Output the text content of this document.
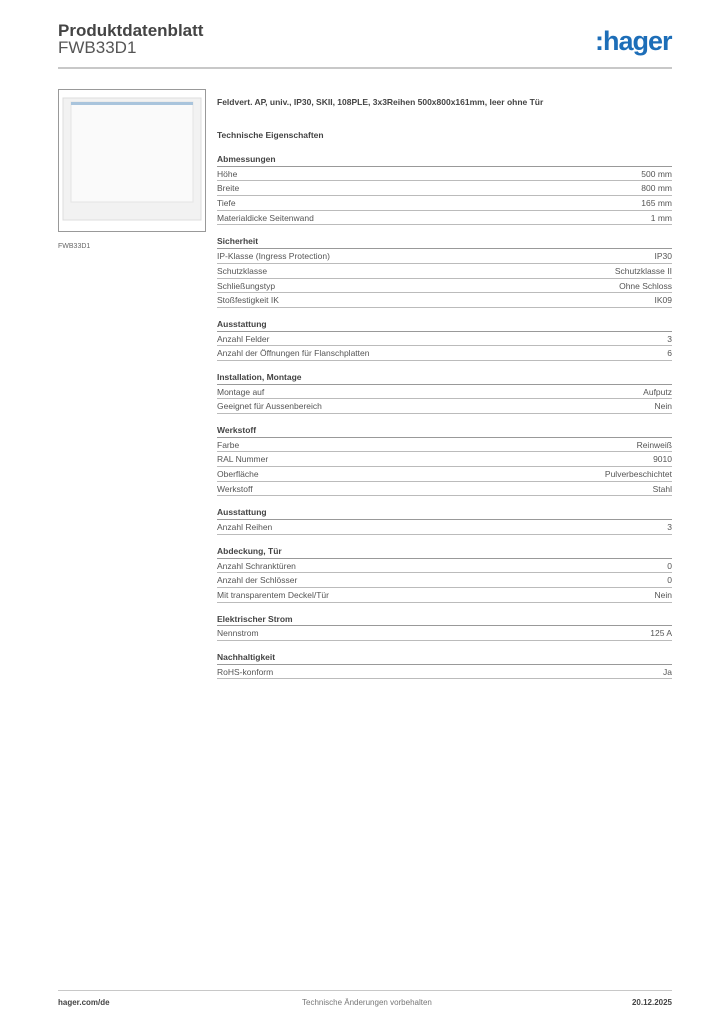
Produktdatenblatt
FWB33D1	:hager
FWB33D1
Feldvert. AP, univ., IP30, SKII, 108PLE, 3x3Reihen 500x800x161mm, leer ohne Tür
Technische Eigenschaften
Abmessungen
Höhe	500 mm
Breite	800 mm
Tiefe	165 mm
Materialdicke Seitenwand	1 mm
Sicherheit
IP-Klasse (Ingress Protection)	IP30
Schutzklasse	Schutzklasse II
Schließungstyp	Ohne Schloss
Stoßfestigkeit IK	IK09
Ausstattung
Anzahl Felder	3
Anzahl der Öffnungen für Flanschplatten	6
Installation, Montage
Montage auf	Aufputz
Geeignet für Aussenbereich	Nein
Werkstoff
Farbe	Reinweiß
RAL Nummer	9010
Oberfläche	Pulverbeschichtet
Werkstoff	Stahl
Ausstattung
Anzahl Reihen	3
Abdeckung, Tür
Anzahl Schranktüren	0
Anzahl der Schlösser	0
Mit transparentem Deckel/Tür	Nein
Elektrischer Strom
Nennstrom	125 A
Nachhaltigkeit
RoHS-konform	Ja
hager.com/de	Technische Änderungen vorbehalten	20.12.2025
